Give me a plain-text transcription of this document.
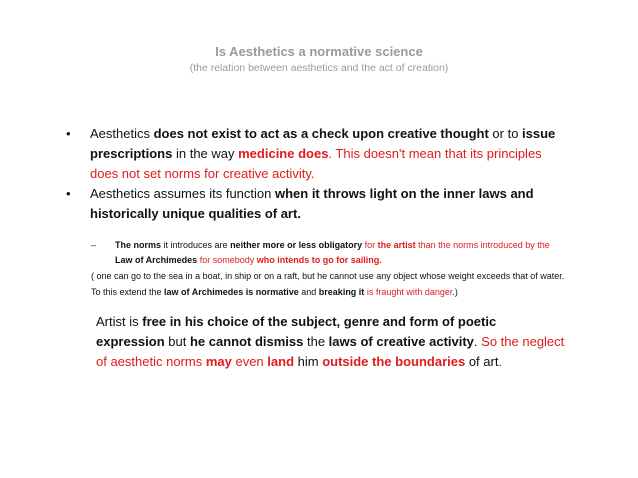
Is Aesthetics a normative science
(the relation between aesthetics and the act of creation)
• Aesthetics does not exist to act as a check upon creative thought or to issue prescriptions in the way medicine does. This doesn't mean that its principles does not set norms for creative activity.
• Aesthetics assumes its function when it throws light on the inner laws and historically unique qualities of art.
– The norms it introduces are neither more or less obligatory for the artist than the norms introduced by the Law of Archimedes for somebody who intends to go for sailing.
( one can go to the sea in a boat, in ship or on a raft, but he cannot use any object whose weight exceeds that of water. To this extend the law of Archimedes is normative and breaking it is fraught with danger.)
Artist is free in his choice of the subject, genre and form of poetic expression but he cannot dismiss the laws of creative activity. So the neglect of aesthetic norms may even land him outside the boundaries of art.
